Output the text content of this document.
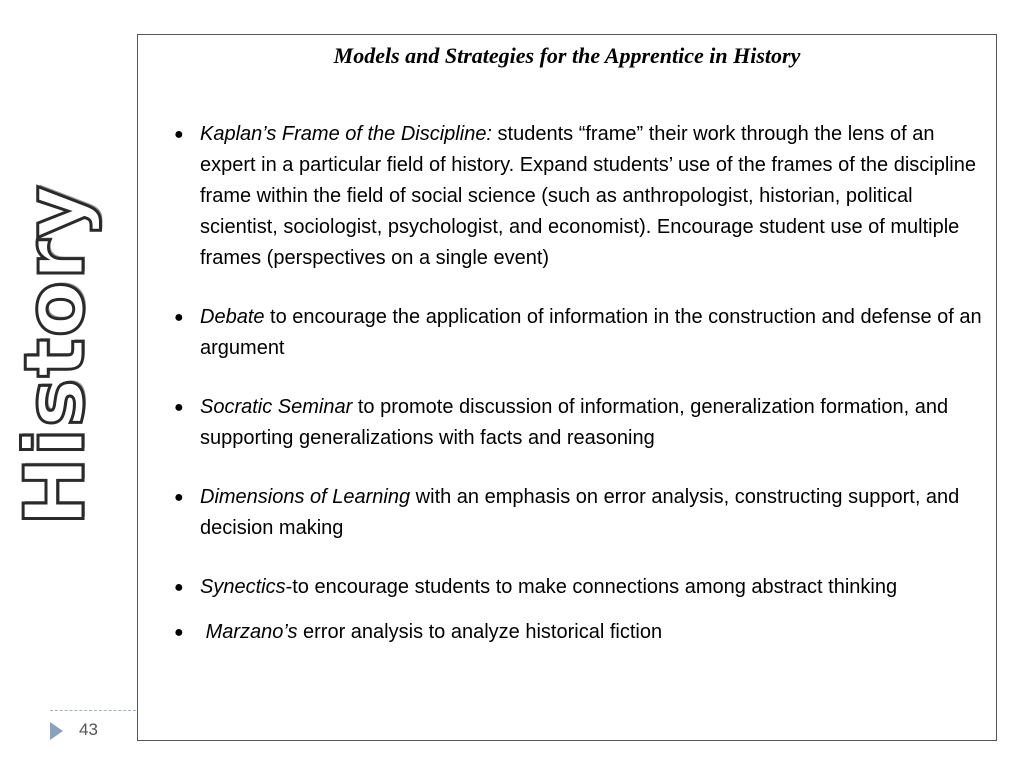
History
Models and Strategies for the Apprentice in History
● Kaplan’s Frame of the Discipline: students “frame” their work through the lens of an expert in a particular field of history. Expand students’ use of the frames of the discipline frame within the field of social science (such as anthropologist, historian, political scientist, sociologist, psychologist, and economist). Encourage student use of multiple frames (perspectives on a single event)
● Debate to encourage the application of information in the construction and defense of an argument
● Socratic Seminar to promote discussion of information, generalization formation, and supporting generalizations with facts and reasoning
● Dimensions of Learning with an emphasis on error analysis, constructing support, and decision making
● Synectics-to encourage students to make connections among abstract thinking
● Marzano’s error analysis to analyze historical fiction
43
